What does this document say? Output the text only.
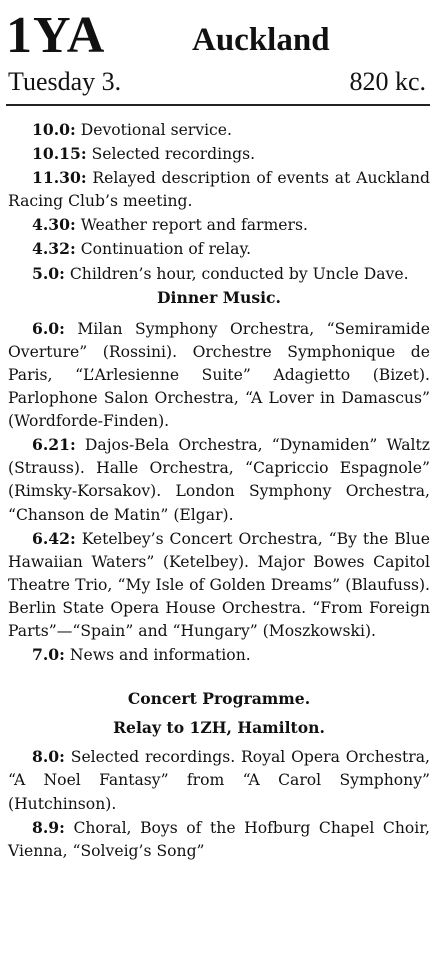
1YA	Auckland
Tuesday 3.	820 kc.

10.0: Devotional service.

10.15: Selected recordings.

11.30: Relayed description of events at Auckland Racing Club’s meeting.

4.30: Weather report and farmers.

4.32: Continuation of relay.

5.0: Children’s hour, conducted by Uncle Dave.

Dinner Music.

6.0: Milan Symphony Orchestra, “Semiramide Overture” (Rossini). Orchestre Symphonique de Paris, “L’Arlesienne Suite” Adagietto (Bizet). Parlophone Salon Orchestra, “A Lover in Damascus” (Wordforde-Finden).

6.21: Dajos-Bela Orchestra, “Dynamiden” Waltz (Strauss). Halle Orchestra, “Capriccio Espagnole” (Rimsky-Korsakov). London Symphony Orchestra, “Chanson de Matin” (Elgar).

6.42: Ketelbey’s Concert Orchestra, “By the Blue Hawaiian Waters” (Ketelbey). Major Bowes Capitol Theatre Trio, “My Isle of Golden Dreams” (Blaufuss). Berlin State Opera House Orchestra. “From Foreign Parts”—“Spain” and “Hungary” (Moszkowski).

7.0: News and information.

Concert Programme.

Relay to 1ZH, Hamilton.

8.0: Selected recordings. Royal Opera Orchestra, “A Noel Fantasy” from “A Carol Symphony” (Hutchinson).

8.9: Choral, Boys of the Hofburg Chapel Choir, Vienna, “Solveig’s Song”
